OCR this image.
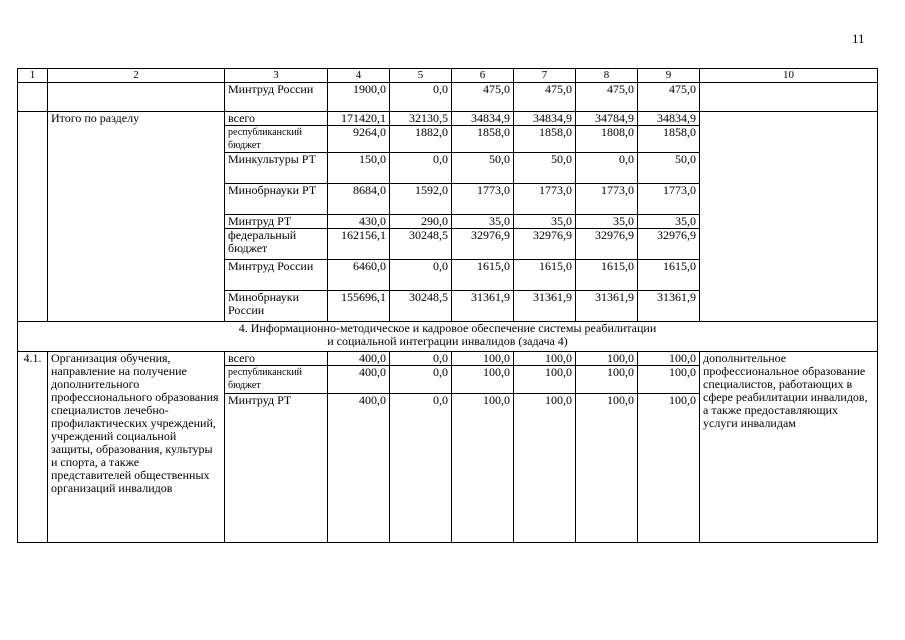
11
1	2	3	4	5	6	7	8	9	10
		Минтруд России	1900,0	0,0	475,0	475,0	475,0	475,0	
	Итого по разделу	всего	171420,1	32130,5	34834,9	34834,9	34784,9	34834,9	
		республиканский бюджет	9264,0	1882,0	1858,0	1858,0	1808,0	1858,0	
		Минкультуры РТ	150,0	0,0	50,0	50,0	0,0	50,0	
		Минобрнауки РТ	8684,0	1592,0	1773,0	1773,0	1773,0	1773,0	
		Минтруд РТ	430,0	290,0	35,0	35,0	35,0	35,0	
		федеральный бюджет	162156,1	30248,5	32976,9	32976,9	32976,9	32976,9	
		Минтруд России	6460,0	0,0	1615,0	1615,0	1615,0	1615,0	
		Минобрнауки России	155696,1	30248,5	31361,9	31361,9	31361,9	31361,9	

4. Информационно-методическое и кадровое обеспечение системы реабилитации
и социальной интеграции инвалидов (задача 4)									

4.1.	Организация обучения, направление на получение дополнительного профессионального образования специалистов лечебно-профилактических учреждений, учреждений социальной защиты, образования, культуры и спорта, а также представителей общественных организаций инвалидов	всего	400,0	0,0	100,0	100,0	100,0	100,0	дополнительное профессиональное образование специалистов, работающих в сфере реабилитации инвалидов, а также предоставляющих услуги инвалидам
		республиканский бюджет	400,0	0,0	100,0	100,0	100,0	100,0	
		Минтруд РТ	400,0	0,0	100,0	100,0	100,0	100,0	
